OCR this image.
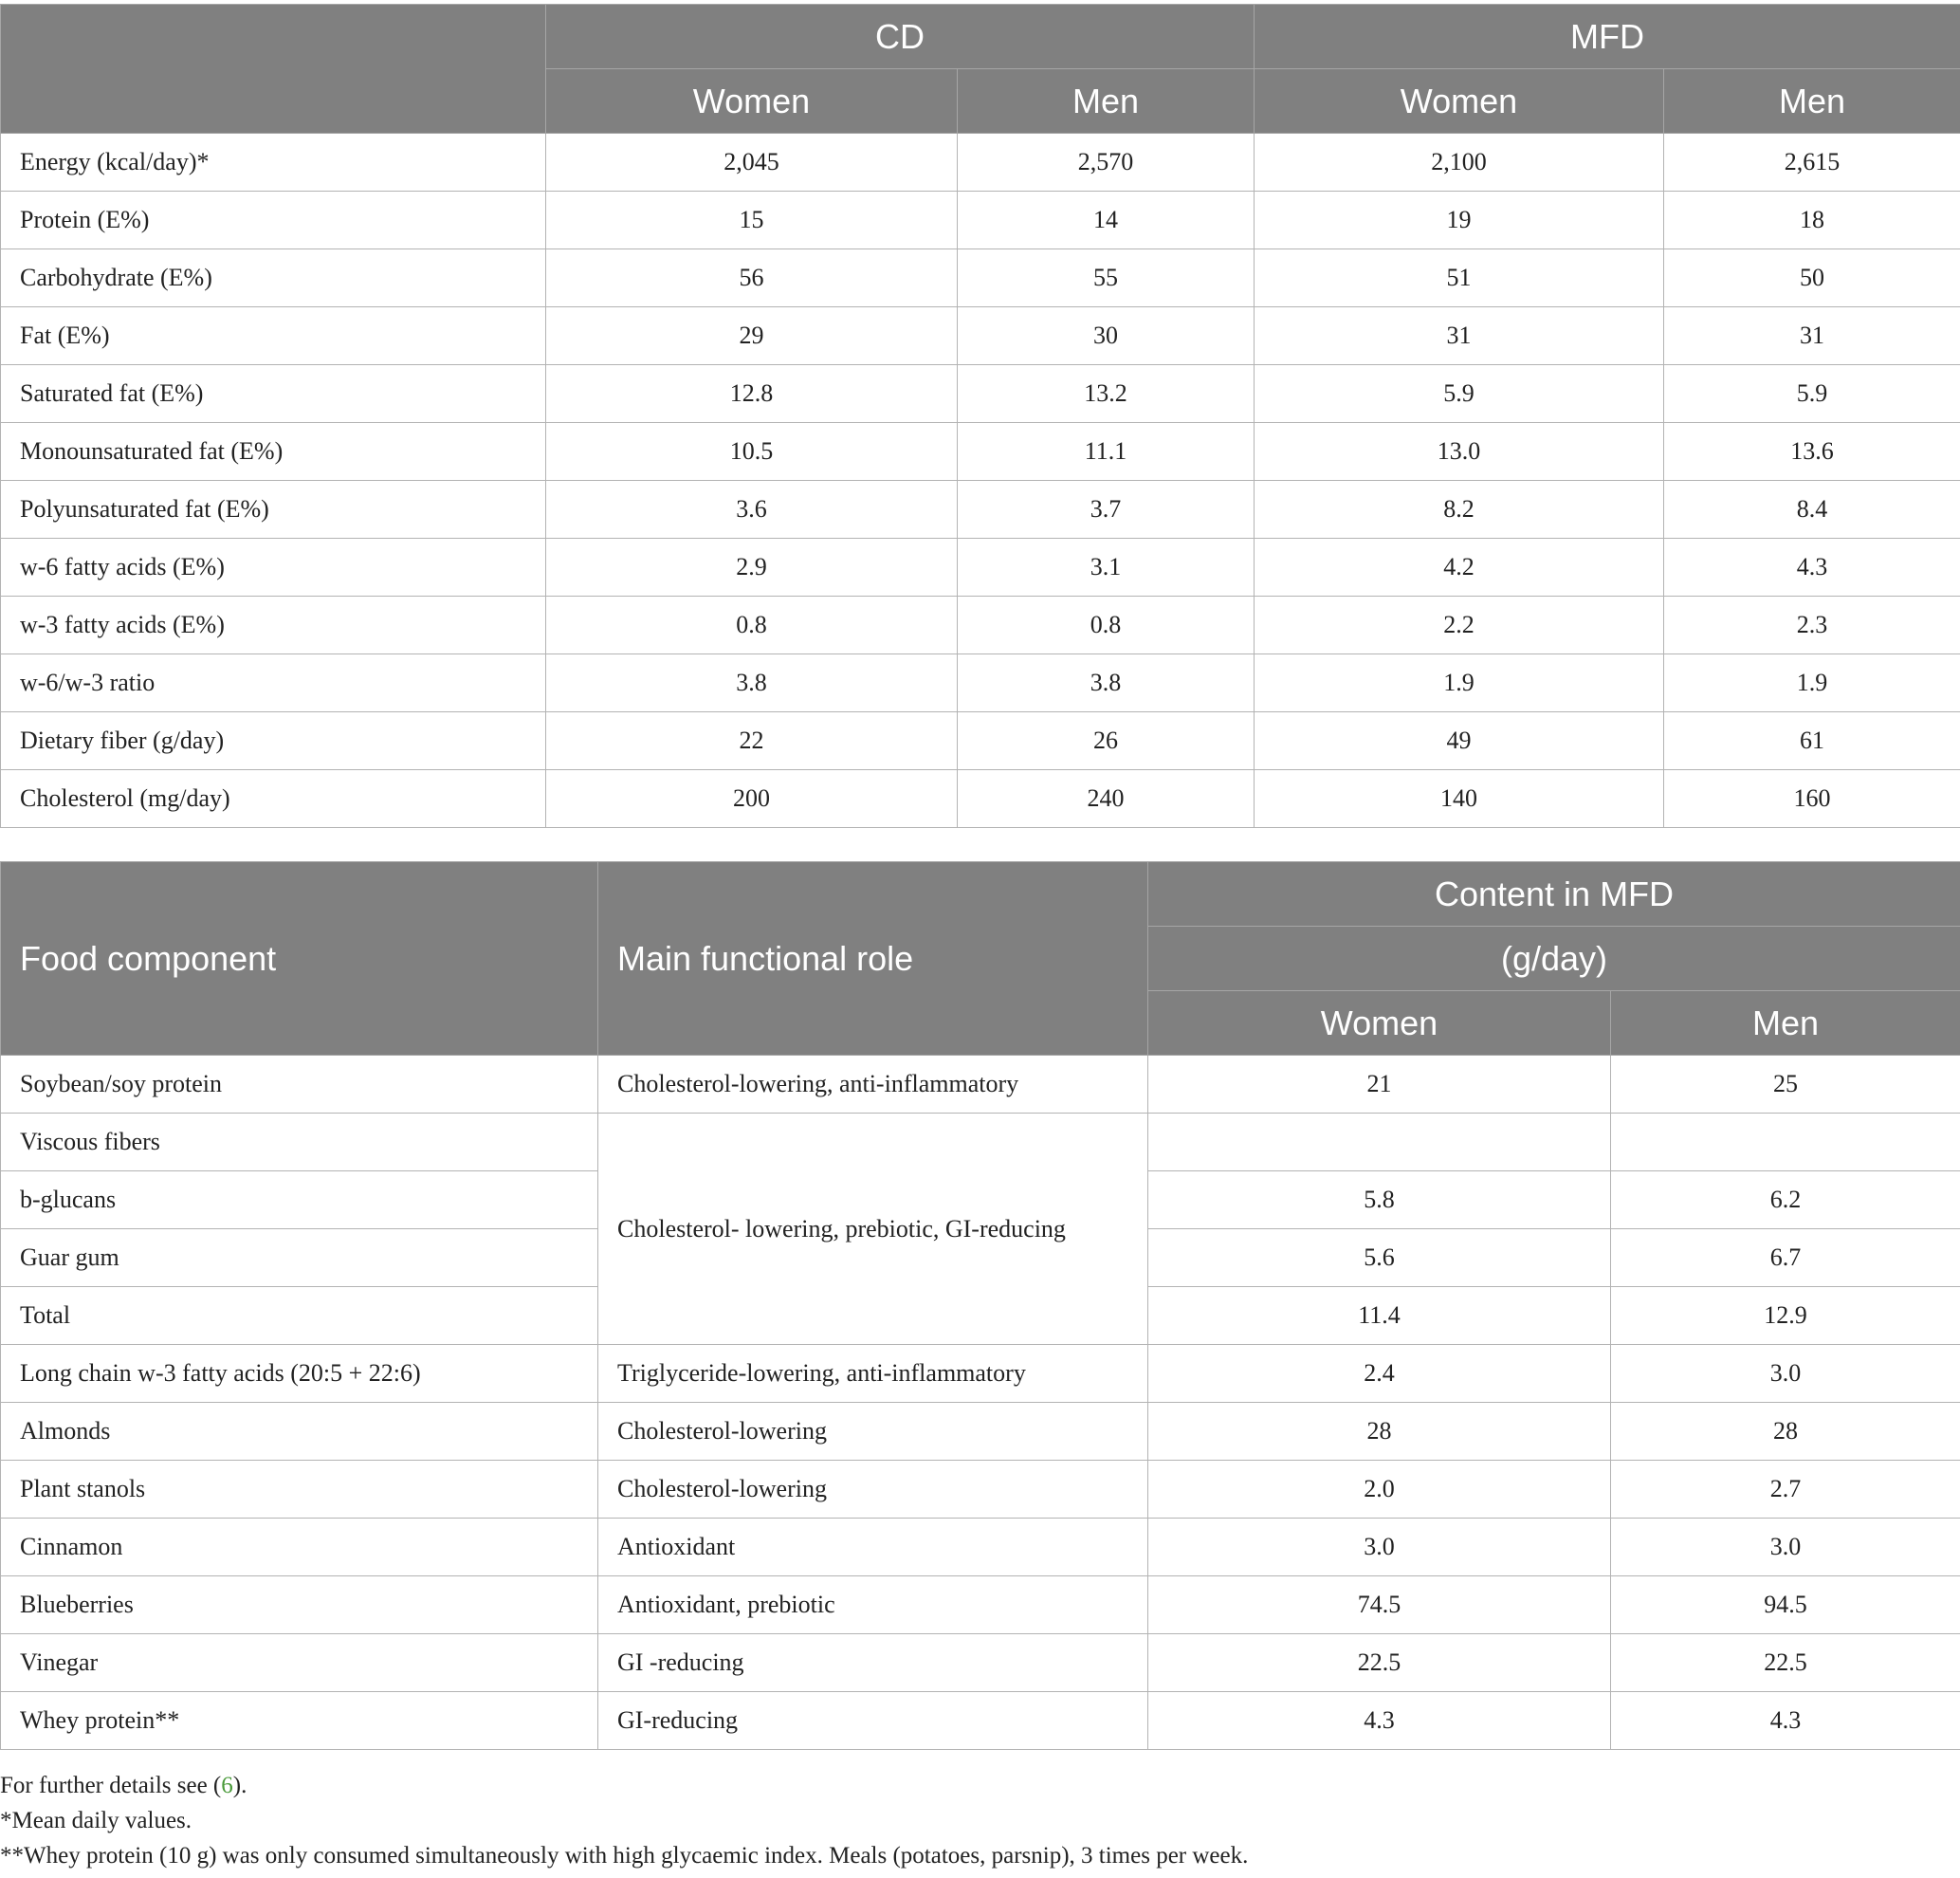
	CD		MFD	
	Women	Men	Women	Men
Energy (kcal/day)*	2,045	2,570	2,100	2,615
Protein (E%)	15	14	19	18
Carbohydrate (E%)	56	55	51	50
Fat (E%)	29	30	31	31
Saturated fat (E%)	12.8	13.2	5.9	5.9
Monounsaturated fat (E%)	10.5	11.1	13.0	13.6
Polyunsaturated fat (E%)	3.6	3.7	8.2	8.4
w-6 fatty acids (E%)	2.9	3.1	4.2	4.3
w-3 fatty acids (E%)	0.8	0.8	2.2	2.3
w-6/w-3 ratio	3.8	3.8	1.9	1.9
Dietary fiber (g/day)	22	26	49	61
Cholesterol (mg/day)	200	240	140	160
Food component	Main functional role	Content in MFD	
		(g/day)	
		Women	Men
Soybean/soy protein	Cholesterol-lowering, anti-inflammatory	21	25
Viscous fibers	Cholesterol- lowering, prebiotic, GI-reducing		
b-glucans		5.8	6.2
Guar gum		5.6	6.7
Total		11.4	12.9
Long chain w-3 fatty acids (20:5 + 22:6)	Triglyceride-lowering, anti-inflammatory	2.4	3.0
Almonds	Cholesterol-lowering	28	28
Plant stanols	Cholesterol-lowering	2.0	2.7
Cinnamon	Antioxidant	3.0	3.0
Blueberries	Antioxidant, prebiotic	74.5	94.5
Vinegar	GI -reducing	22.5	22.5
Whey protein**	GI-reducing	4.3	4.3
For further details see (6).
*Mean daily values.
**Whey protein (10 g) was only consumed simultaneously with high glycaemic index. Meals (potatoes, parsnip), 3 times per week.
